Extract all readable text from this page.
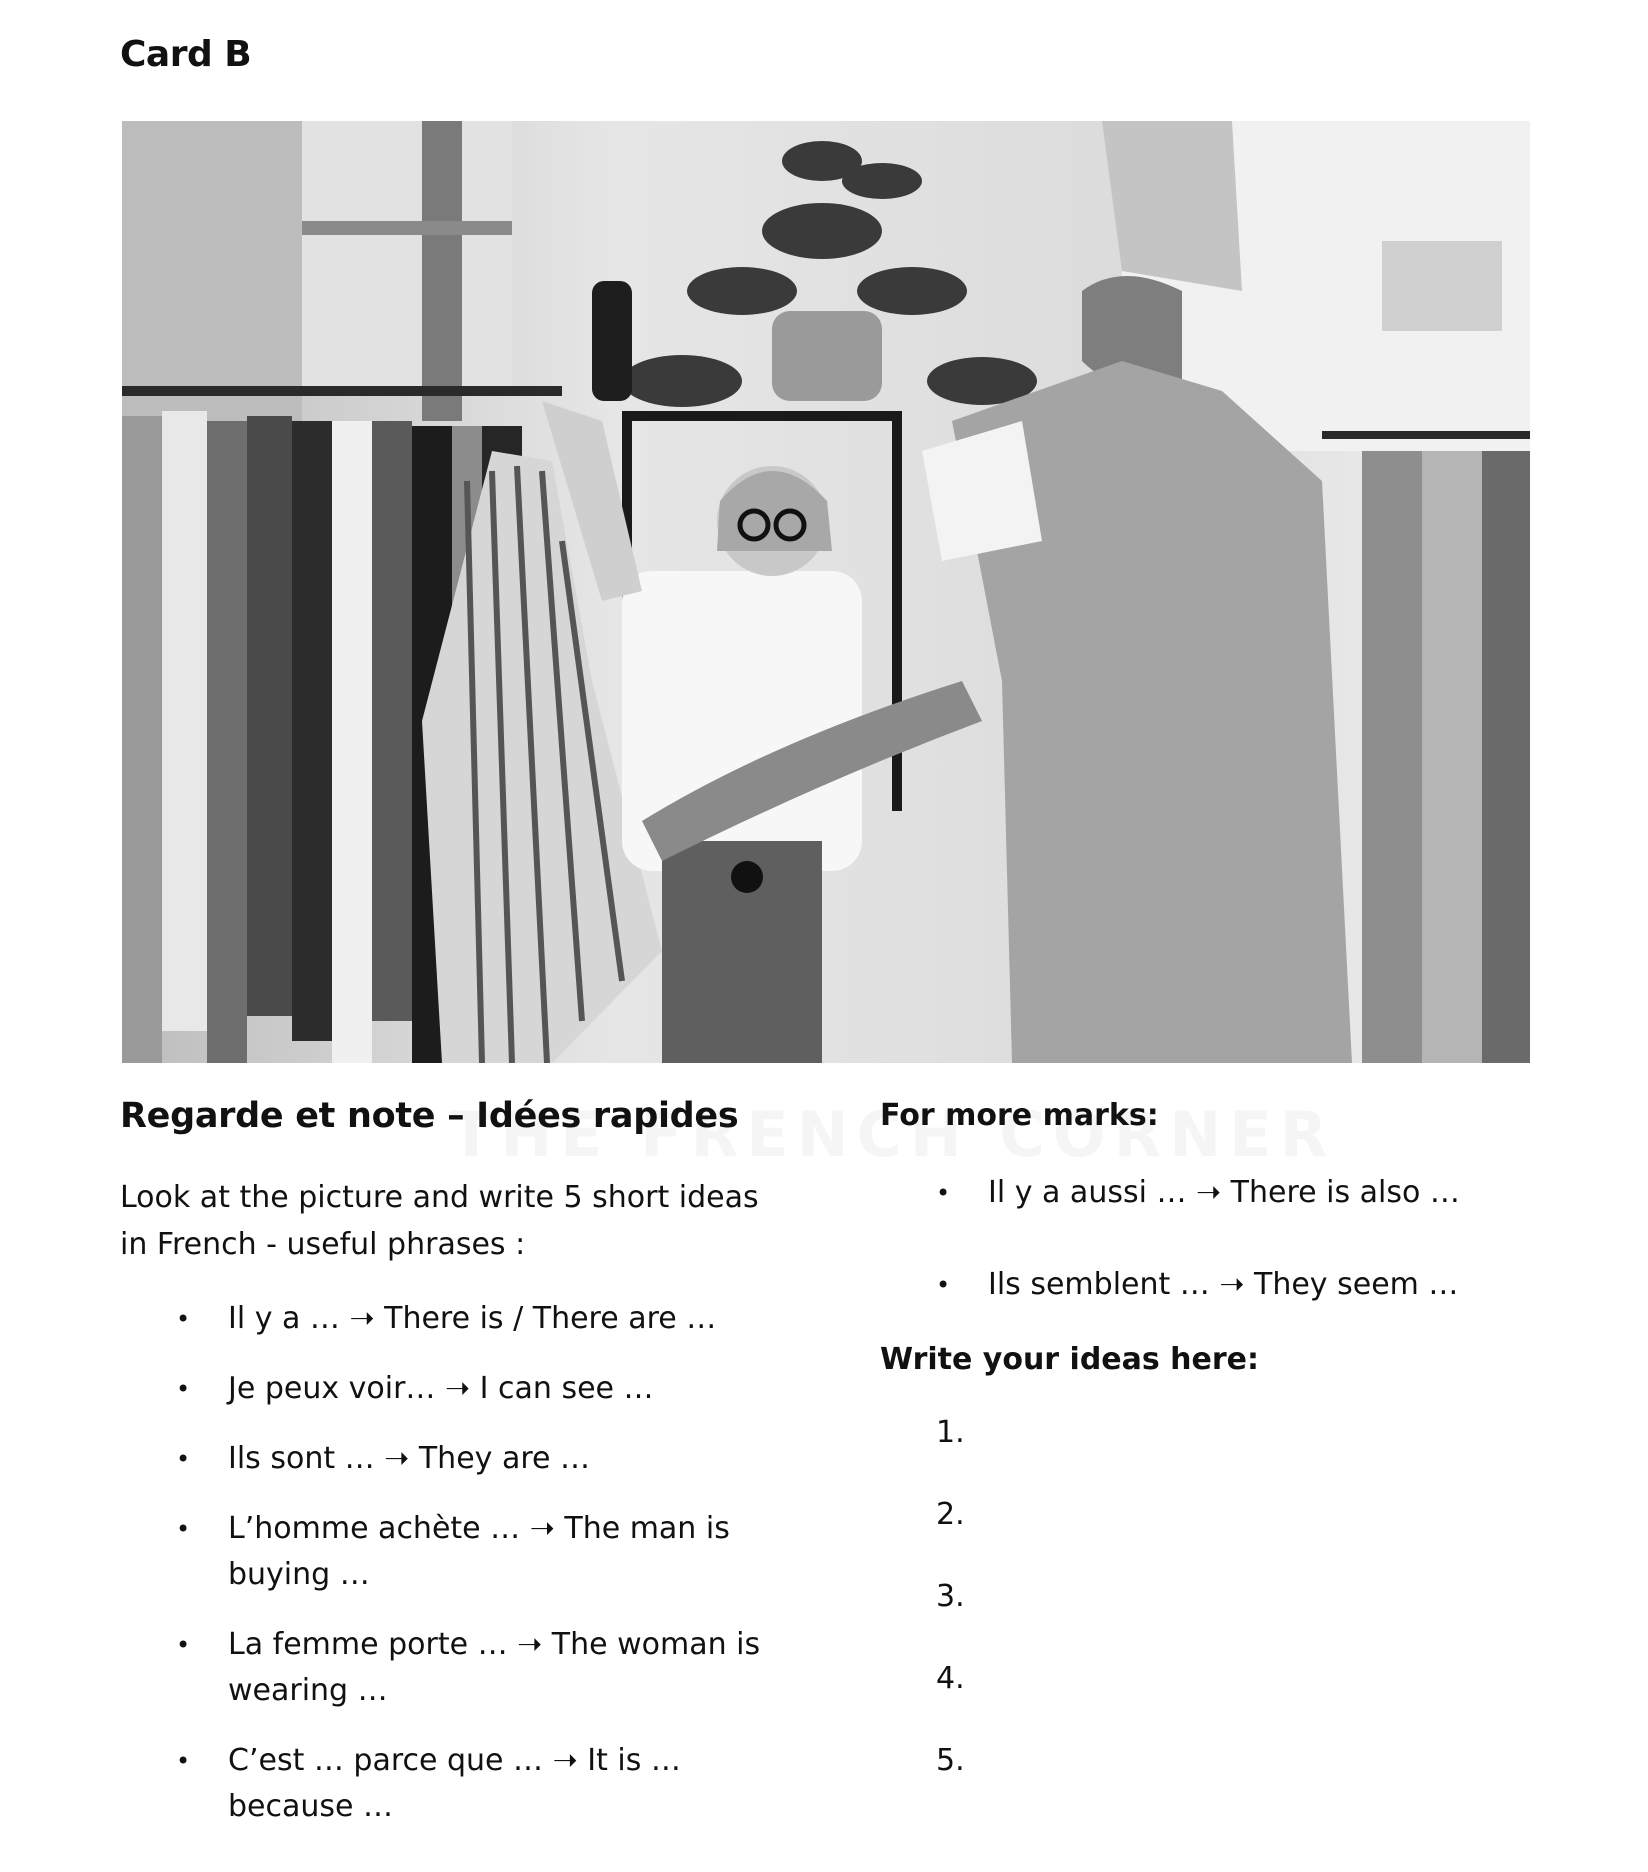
Card B
Regarde et note – Idées rapides

Look at the picture and write 5 short ideas in French - useful phrases :

• Il y a … ➝ There is / There are …
• Je peux voir… ➝ I can see …
• Ils sont … ➝ They are …
• L’homme achète … ➝ The man is buying …
• La femme porte … ➝ The woman is wearing …
• C’est … parce que … ➝ It is … because …
For more marks:
• Il y a aussi … ➝ There is also …
• Ils semblent … ➝ They seem …
Write your ideas here:
1.
2.
3.
4.
5.
